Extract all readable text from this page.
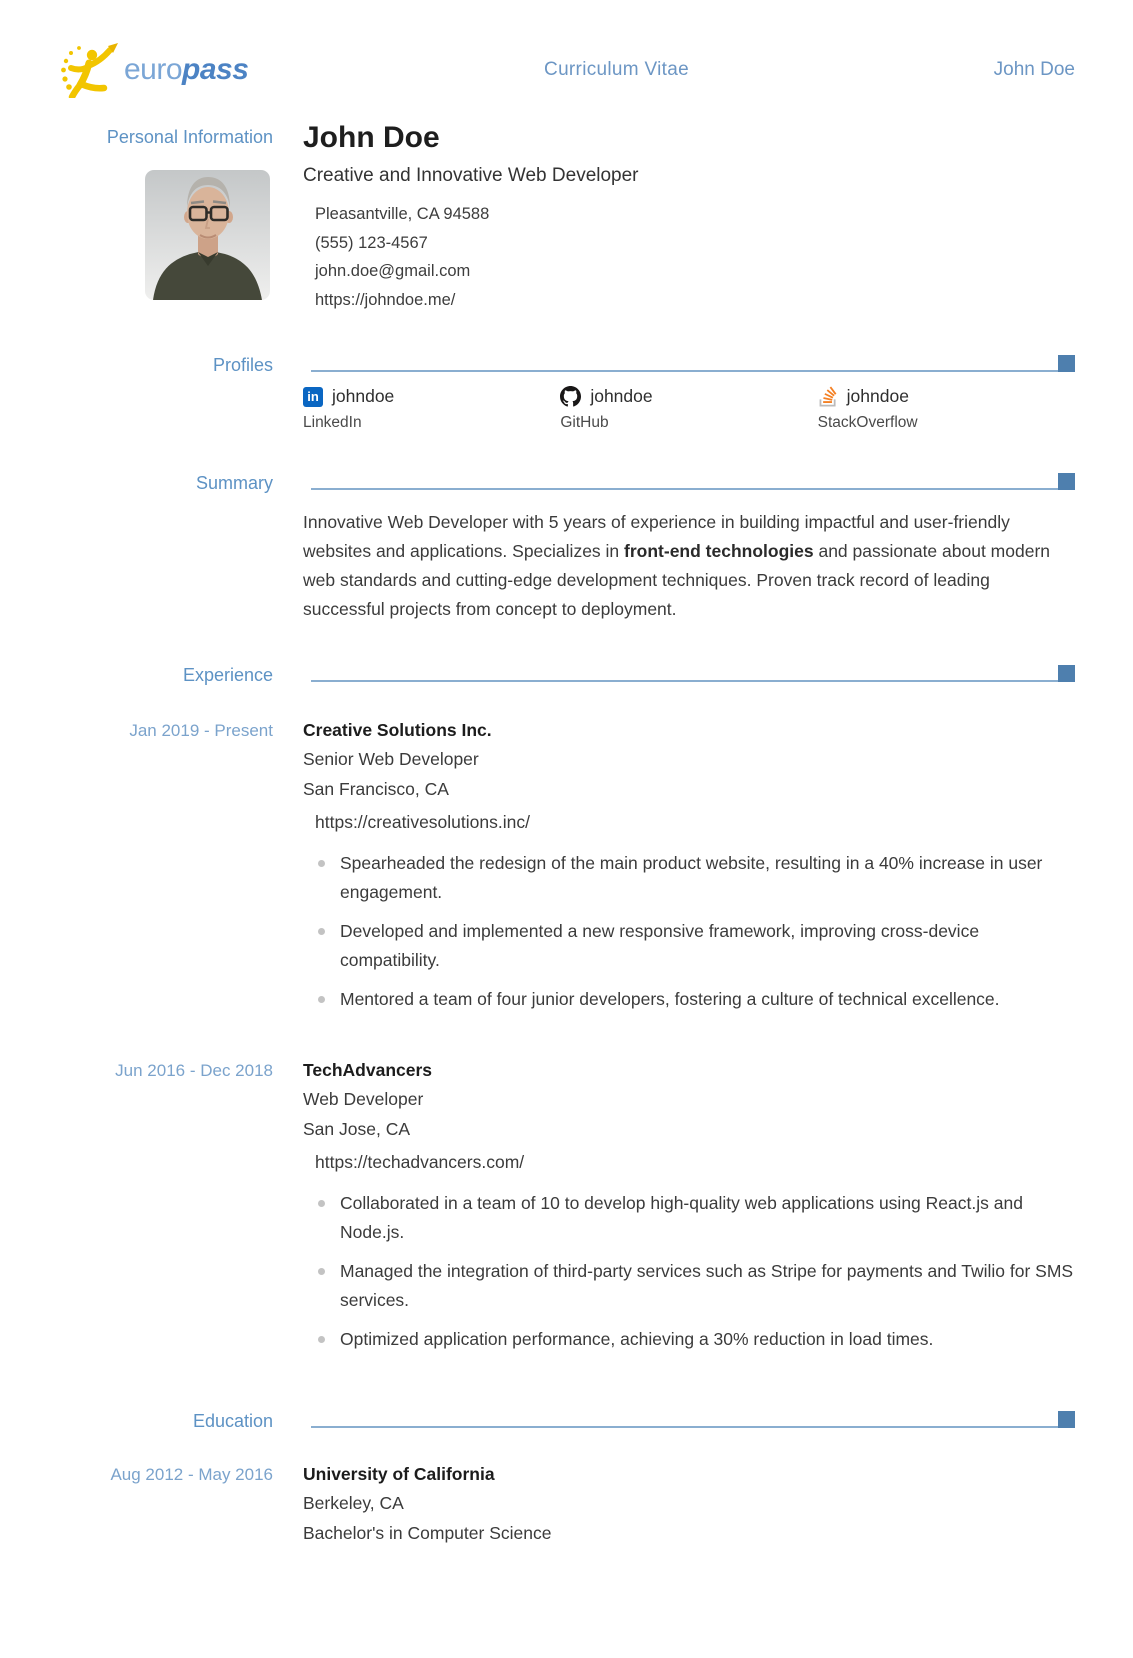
europass	Curriculum Vitae	John Doe
Personal Information John Doe
Creative and Innovative Web Developer
Pleasantville, CA 94588
(555) 123-4567
john.doe@gmail.com
https://johndoe.me/
Profiles
in johndoe
LinkedIn
johndoe
GitHub
johndoe
StackOverflow
Summary

Innovative Web Developer with 5 years of experience in building impactful and user-friendly websites and applications. Specializes in front-end technologies and passionate about modern web standards and cutting-edge development techniques. Proven track record of leading successful projects from concept to deployment.

Experience
Jan 2019 - Present Creative Solutions Inc.
Senior Web Developer
San Francisco, CA
https://creativesolutions.inc/
Spearheaded the redesign of the main product website, resulting in a 40% increase in user engagement.
Developed and implemented a new responsive framework, improving cross-device compatibility.
Mentored a team of four junior developers, fostering a culture of technical excellence.
Jun 2016 - Dec 2018 TechAdvancers
Web Developer
San Jose, CA
https://techadvancers.com/
Collaborated in a team of 10 to develop high-quality web applications using React.js and Node.js.
Managed the integration of third-party services such as Stripe for payments and Twilio for SMS services.
Optimized application performance, achieving a 30% reduction in load times.
Education
Aug 2012 - May 2016 University of California
Berkeley, CA
Bachelor's in Computer Science
